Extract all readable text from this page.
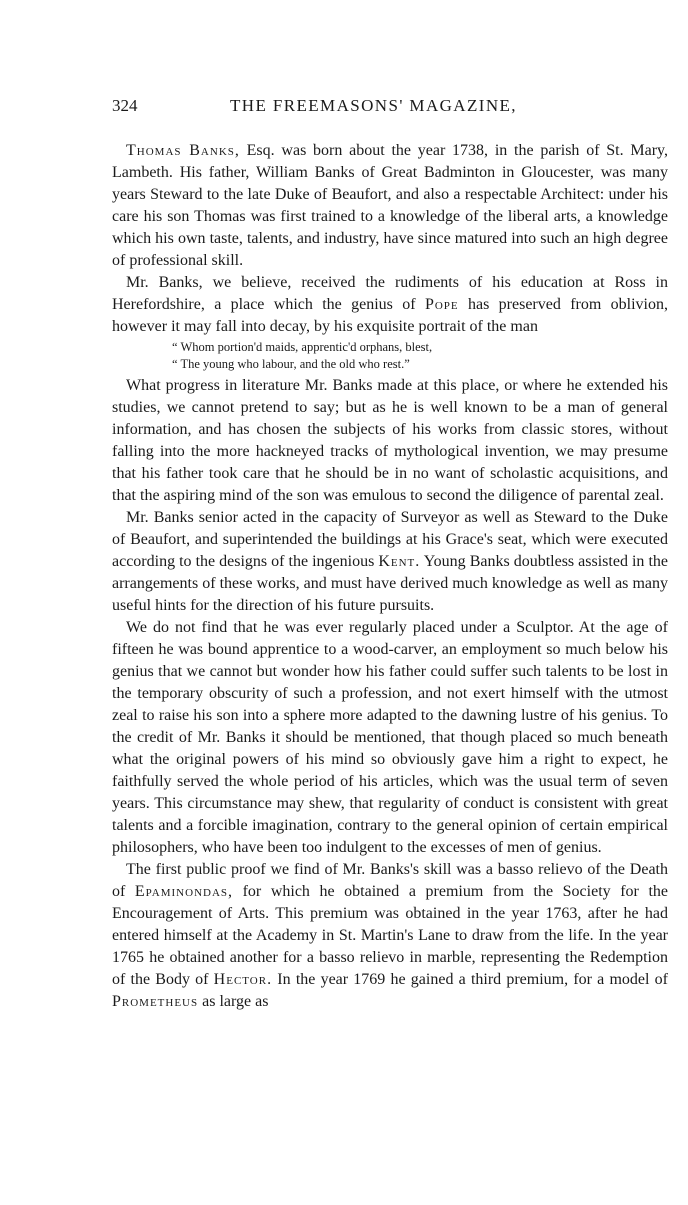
324	THE FREEMASONS' MAGAZINE,

Thomas Banks, Esq. was born about the year 1738, in the parish of St. Mary, Lambeth. His father, William Banks of Great Badminton in Gloucester, was many years Steward to the late Duke of Beaufort, and also a respectable Architect: under his care his son Thomas was first trained to a knowledge of the liberal arts, a knowledge which his own taste, talents, and industry, have since matured into such an high degree of professional skill.

Mr. Banks, we believe, received the rudiments of his education at Ross in Herefordshire, a place which the genius of Pope has preserved from oblivion, however it may fall into decay, by his exquisite portrait of the man

“ Whom portion'd maids, apprentic'd orphans, blest,
“ The young who labour, and the old who rest.”

What progress in literature Mr. Banks made at this place, or where he extended his studies, we cannot pretend to say; but as he is well known to be a man of general information, and has chosen the subjects of his works from classic stores, without falling into the more hackneyed tracks of mythological invention, we may presume that his father took care that he should be in no want of scholastic acquisitions, and that the aspiring mind of the son was emulous to second the diligence of parental zeal.

Mr. Banks senior acted in the capacity of Surveyor as well as Steward to the Duke of Beaufort, and superintended the buildings at his Grace's seat, which were executed according to the designs of the ingenious Kent. Young Banks doubtless assisted in the arrangements of these works, and must have derived much knowledge as well as many useful hints for the direction of his future pursuits.

We do not find that he was ever regularly placed under a Sculptor. At the age of fifteen he was bound apprentice to a wood-carver, an employment so much below his genius that we cannot but wonder how his father could suffer such talents to be lost in the temporary obscurity of such a profession, and not exert himself with the utmost zeal to raise his son into a sphere more adapted to the dawning lustre of his genius. To the credit of Mr. Banks it should be mentioned, that though placed so much beneath what the original powers of his mind so obviously gave him a right to expect, he faithfully served the whole period of his articles, which was the usual term of seven years. This circumstance may shew, that regularity of conduct is consistent with great talents and a forcible imagination, contrary to the general opinion of certain empirical philosophers, who have been too indulgent to the excesses of men of genius.

The first public proof we find of Mr. Banks's skill was a basso relievo of the Death of Epaminondas, for which he obtained a premium from the Society for the Encouragement of Arts. This premium was obtained in the year 1763, after he had entered himself at the Academy in St. Martin's Lane to draw from the life. In the year 1765 he obtained another for a basso relievo in marble, representing the Redemption of the Body of Hector. In the year 1769 he gained a third premium, for a model of Prometheus as large as
